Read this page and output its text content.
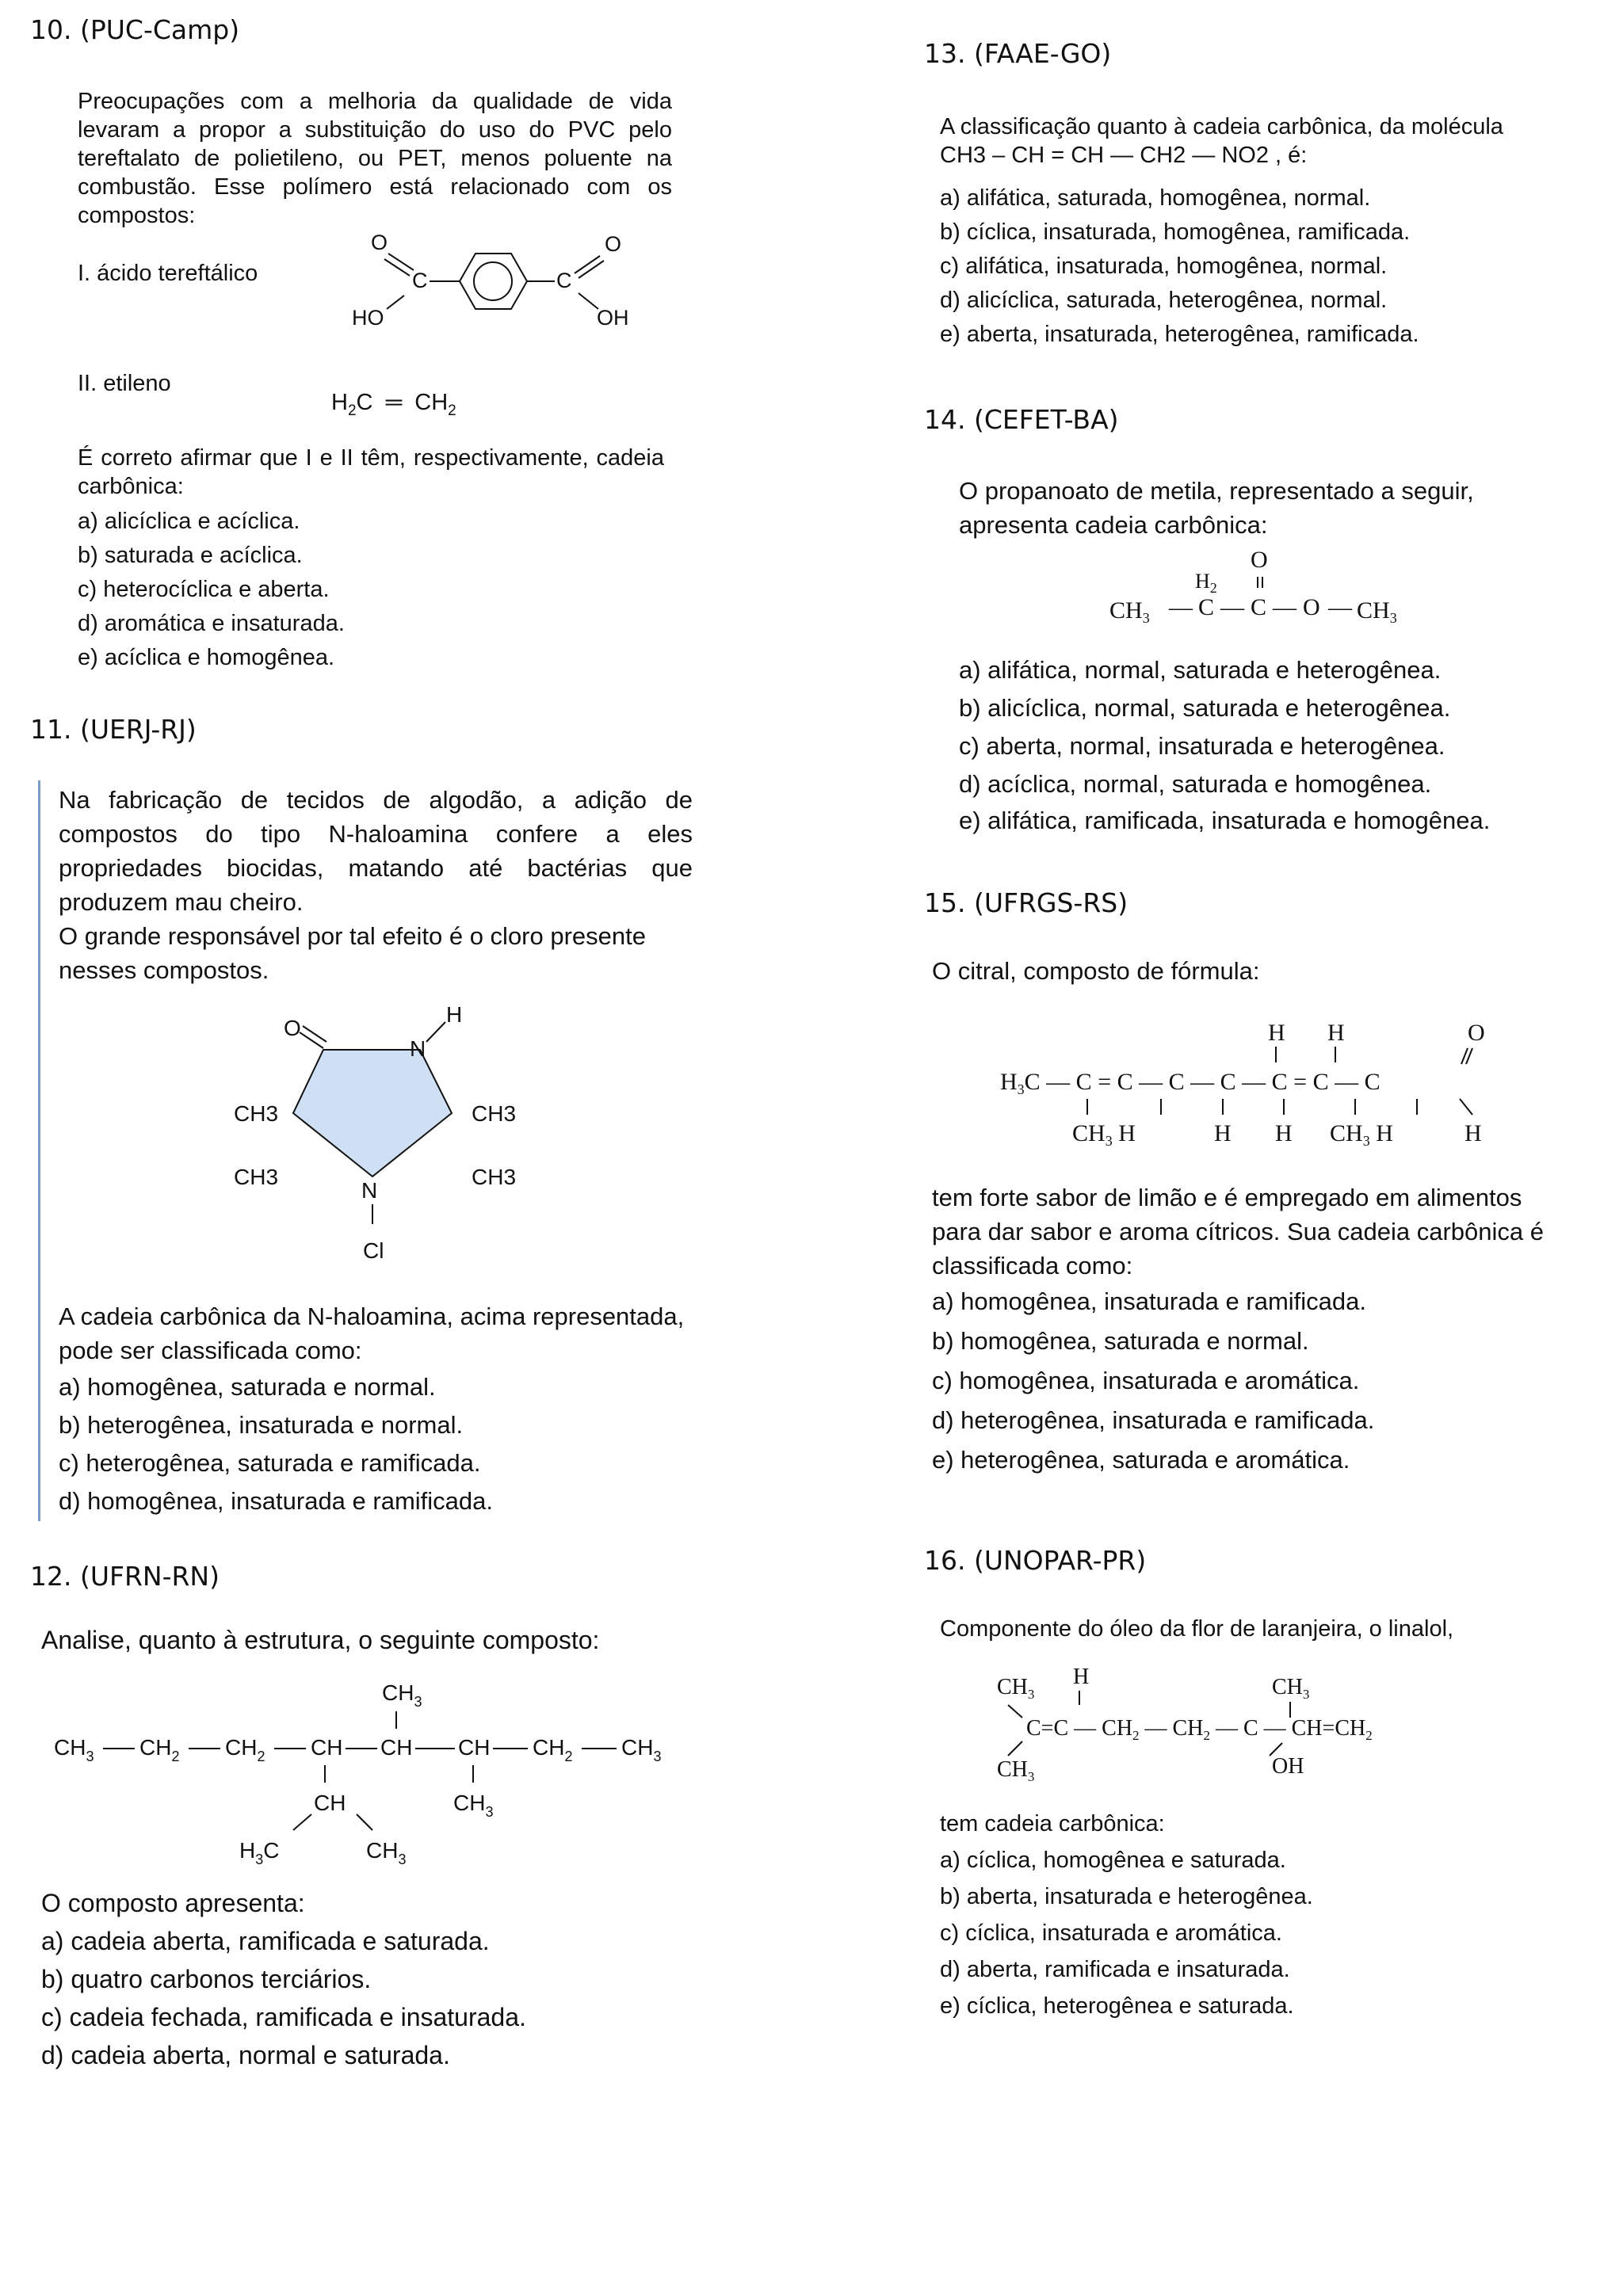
10. (PUC-Camp)
Preocupações com a melhoria da qualidade de vida levaram a propor a substituição do uso do PVC pelo tereftalato de polietileno, ou PET, menos poluente na combustão. Esse polímero está relacionado com os compostos:
I. ácido tereftálico
O
C
HO
C
O
OH
II. etileno
$H_2C$  ═  $CH_2$
É correto afirmar que I e II têm, respectivamente, cadeia carbônica:
a) alicíclica e acíclica.
b) saturada e acíclica.
c) heterocíclica e aberta.
d) aromática e insaturada.
e) acíclica e homogênea.
11. (UERJ-RJ)
Na fabricação de tecidos de algodão, a adição de compostos do tipo N-haloamina confere a eles propriedades biocidas, matando até bactérias que produzem mau cheiro.
O grande responsável por tal efeito é o cloro presente nesses compostos.
O
N
H
CH3	CH3
CH3	CH3
N
Cl
A cadeia carbônica da N-haloamina, acima representada, pode ser classificada como:
a) homogênea, saturada e normal.
b) heterogênea, insaturada e normal.
c) heterogênea, saturada e ramificada.
d) homogênea, insaturada e ramificada.
12. (UFRN-RN)
Analise, quanto à estrutura, o seguinte composto:
$CH_3$
$CH_3$ $CH_2$ $CH_2$ CH CH CH $CH_2$ $CH_3$
CH	$CH_3$
$H_3C$	$CH_3$
O composto apresenta:
a) cadeia aberta, ramificada e saturada.
b) quatro carbonos terciários.
c) cadeia fechada, ramificada e insaturada.
d) cadeia aberta, normal e saturada.
13. (FAAE-GO)
A classificação quanto à cadeia carbônica, da molécula
CH3 – CH = CH — CH2 — NO2 , é:
a) alifática, saturada, homogênea, normal.
b) cíclica, insaturada, homogênea, ramificada.
c) alifática, insaturada, homogênea, normal.
d) alicíclica, saturada, heterogênea, normal.
e) aberta, insaturada, heterogênea, ramificada.
14. (CEFET-BA)
O propanoato de metila, representado a seguir, apresenta cadeia carbônica:
O
$H_2$
$CH_3$ — C — C — O — $CH_3$
a) alifática, normal, saturada e heterogênea.
b) alicíclica, normal, saturada e heterogênea.
c) aberta, normal, insaturada e heterogênea.
d) acíclica, normal, saturada e homogênea.
e) alifática, ramificada, insaturada e homogênea.
15. (UFRGS-RS)
O citral, composto de fórmula:
H H	O
$H_3C$ — C = C — C — C — C = C — C
$CH_3$ H	H H $CH_3$ H	H
tem forte sabor de limão e é empregado em alimentos para dar sabor e aroma cítricos. Sua cadeia carbônica é classificada como:
a) homogênea, insaturada e ramificada.
b) homogênea, saturada e normal.
c) homogênea, insaturada e aromática.
d) heterogênea, insaturada e ramificada.
e) heterogênea, saturada e aromática.
16. (UNOPAR-PR)
Componente do óleo da flor de laranjeira, o linalol,
$CH_3$
H	$CH_3$
C=C — $CH_2$ — $CH_2$ — C — $CH=CH_2$
$CH_3$	OH
tem cadeia carbônica:
a) cíclica, homogênea e saturada.
b) aberta, insaturada e heterogênea.
c) cíclica, insaturada e aromática.
d) aberta, ramificada e insaturada.
e) cíclica, heterogênea e saturada.
